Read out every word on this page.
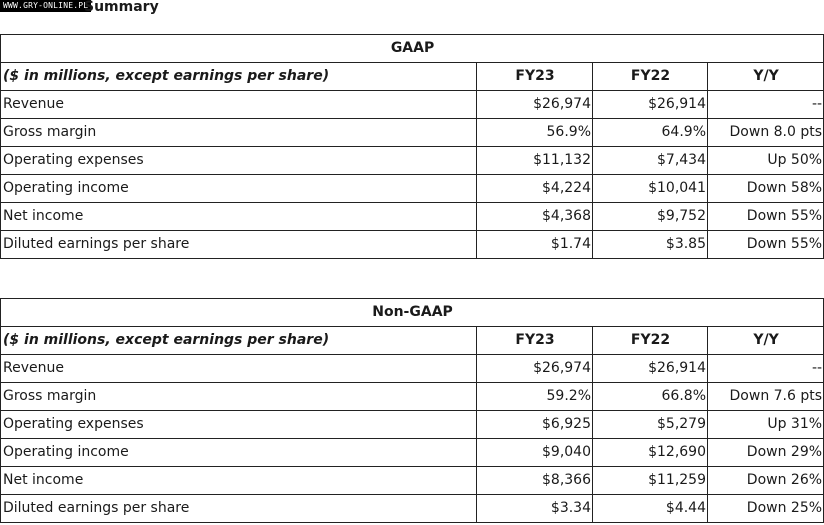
WWW.GRY-ONLINE.PL
Summary
GAAP			
($ in millions, except earnings per share)	FY23	FY22	Y/Y
Revenue	$26,974	$26,914	--
Gross margin	56.9%	64.9%	Down 8.0 pts
Operating expenses	$11,132	$7,434	Up 50%
Operating income	$4,224	$10,041	Down 58%
Net income	$4,368	$9,752	Down 55%
Diluted earnings per share	$1.74	$3.85	Down 55%
Non-GAAP			
($ in millions, except earnings per share)	FY23	FY22	Y/Y
Revenue	$26,974	$26,914	--
Gross margin	59.2%	66.8%	Down 7.6 pts
Operating expenses	$6,925	$5,279	Up 31%
Operating income	$9,040	$12,690	Down 29%
Net income	$8,366	$11,259	Down 26%
Diluted earnings per share	$3.34	$4.44	Down 25%
